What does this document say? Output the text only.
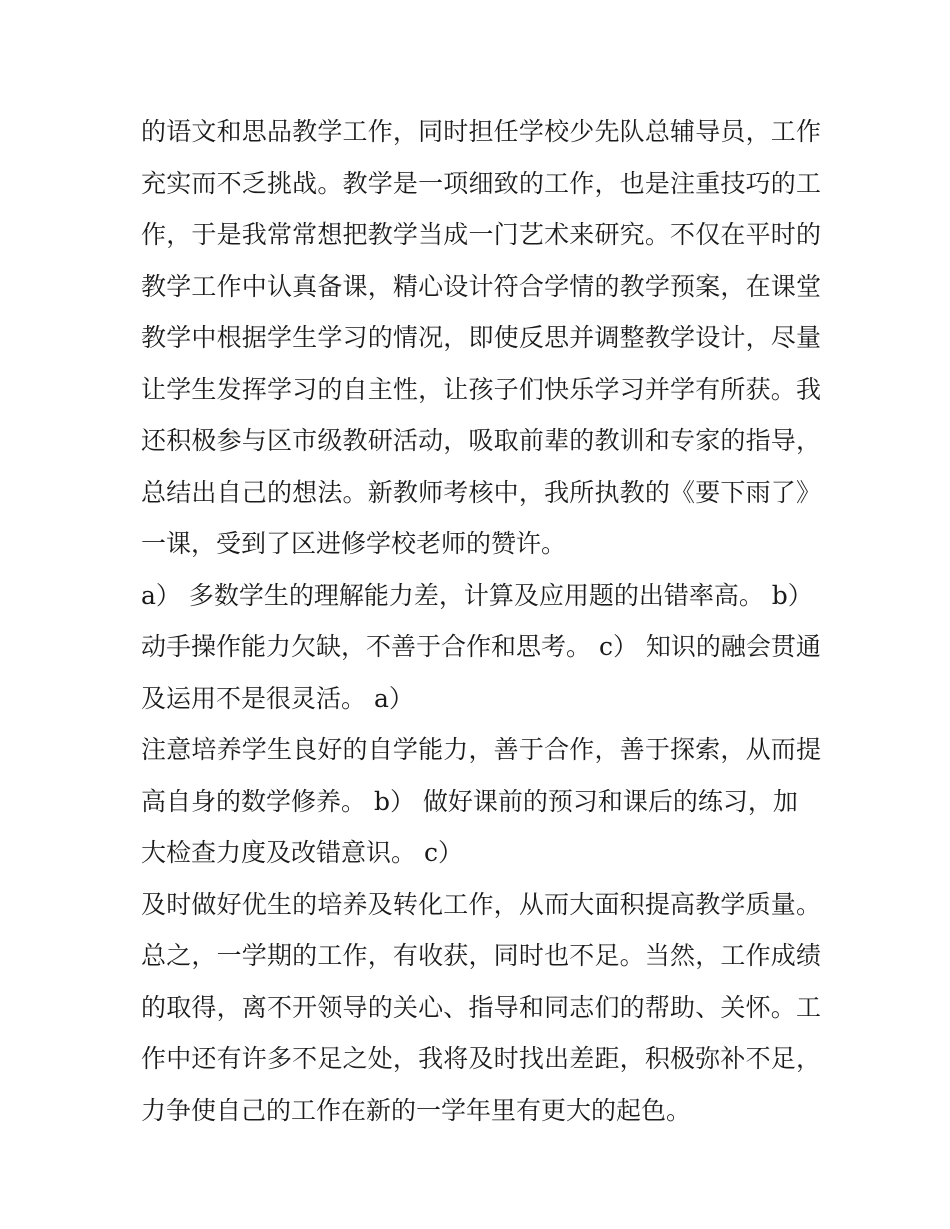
的语文和思品教学工作，同时担任学校少先队总辅导员，工作
充实而不乏挑战。教学是一项细致的工作，也是注重技巧的工
作，于是我常常想把教学当成一门艺术来研究。不仅在平时的
教学工作中认真备课，精心设计符合学情的教学预案，在课堂
教学中根据学生学习的情况，即使反思并调整教学设计，尽量
让学生发挥学习的自主性，让孩子们快乐学习并学有所获。我
还积极参与区市级教研活动，吸取前辈的教训和专家的指导，
总结出自己的想法。新教师考核中，我所执教的《要下雨了》
一课，受到了区进修学校老师的赞许。
a） 多数学生的理解能力差，计算及应用题的出错率高。 b）
动手操作能力欠缺，不善于合作和思考。 c） 知识的融会贯通
及运用不是很灵活。 a）
注意培养学生良好的自学能力，善于合作，善于探索，从而提
高自身的数学修养。 b） 做好课前的预习和课后的练习，加
大检查力度及改错意识。 c）
及时做好优生的培养及转化工作，从而大面积提高教学质量。
总之，一学期的工作，有收获，同时也不足。当然，工作成绩
的取得，离不开领导的关心、指导和同志们的帮助、关怀。工
作中还有许多不足之处，我将及时找出差距，积极弥补不足，
力争使自己的工作在新的一学年里有更大的起色。
